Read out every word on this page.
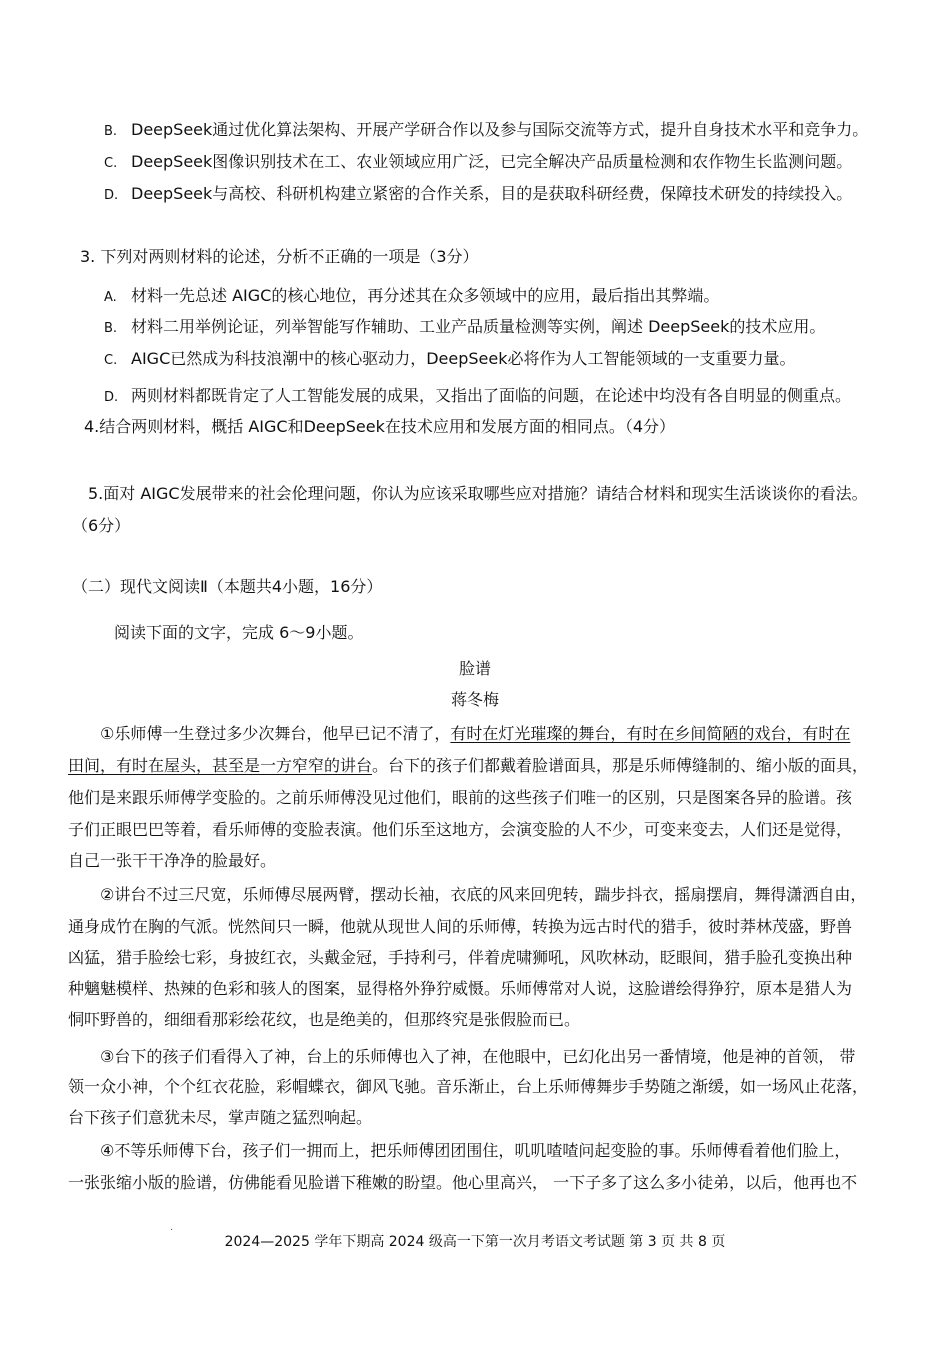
B. DeepSeek通过优化算法架构、开展产学研合作以及参与国际交流等方式，提升自身技术水平和竞争力。
C. DeepSeek图像识别技术在工、农业领域应用广泛，已完全解决产品质量检测和农作物生长监测问题。
D. DeepSeek与高校、科研机构建立紧密的合作关系，目的是获取科研经费，保障技术研发的持续投入。
3. 下列对两则材料的论述，分析不正确的一项是（3分）
A. 材料一先总述 AIGC的核心地位，再分述其在众多领域中的应用，最后指出其弊端。
B. 材料二用举例论证，列举智能写作辅助、工业产品质量检测等实例，阐述 DeepSeek的技术应用。
C. AIGC已然成为科技浪潮中的核心驱动力，DeepSeek必将作为人工智能领域的一支重要力量。
D. 两则材料都既肯定了人工智能发展的成果，又指出了面临的问题，在论述中均没有各自明显的侧重点。
4.结合两则材料，概括 AIGC和DeepSeek在技术应用和发展方面的相同点。（4分）
5.面对 AIGC发展带来的社会伦理问题，你认为应该采取哪些应对措施？请结合材料和现实生活谈谈你的看法。
（6分）
（二）现代文阅读Ⅱ（本题共4小题，16分）
阅读下面的文字，完成 6～9小题。
脸谱
蒋冬梅
①乐师傅一生登过多少次舞台，他早已记不清了，有时在灯光璀璨的舞台，有时在乡间简陋的戏台，有时在
田间，有时在屋头，甚至是一方窄窄的讲台。台下的孩子们都戴着脸谱面具，那是乐师傅缝制的、缩小版的面具，
他们是来跟乐师傅学变脸的。之前乐师傅没见过他们，眼前的这些孩子们唯一的区别，只是图案各异的脸谱。孩
子们正眼巴巴等着，看乐师傅的变脸表演。他们乐至这地方，会演变脸的人不少，可变来变去，人们还是觉得，
自己一张干干净净的脸最好。
②讲台不过三尺宽，乐师傅尽展两臂，摆动长袖，衣底的风来回兜转，踹步抖衣，摇扇摆肩，舞得潇洒自由，
通身成竹在胸的气派。恍然间只一瞬，他就从现世人间的乐师傅，转换为远古时代的猎手，彼时莽林茂盛，野兽
凶猛，猎手脸绘七彩，身披红衣，头戴金冠，手持利弓，伴着虎啸狮吼，风吹林动，眨眼间，猎手脸孔变换出种
种魑魅模样、热辣的色彩和骇人的图案，显得格外狰狞威慑。乐师傅常对人说，这脸谱绘得狰狞，原本是猎人为
恫吓野兽的，细细看那彩绘花纹，也是绝美的，但那终究是张假脸而已。
③台下的孩子们看得入了神，台上的乐师傅也入了神，在他眼中，已幻化出另一番情境，他是神的首领， 带
领一众小神，个个红衣花脸，彩帽蝶衣，御风飞驰。音乐渐止，台上乐师傅舞步手势随之渐缓，如一场风止花落，
台下孩子们意犹未尽，掌声随之猛烈响起。
④不等乐师傅下台，孩子们一拥而上，把乐师傅团团围住，叽叽喳喳问起变脸的事。乐师傅看着他们脸上，
一张张缩小版的脸谱，仿佛能看见脸谱下稚嫩的盼望。他心里高兴， 一下子多了这么多小徒弟，以后，他再也不
.
2024—2025 学年下期高 2024 级高一下第一次月考语文考试题 第 3 页 共 8 页
